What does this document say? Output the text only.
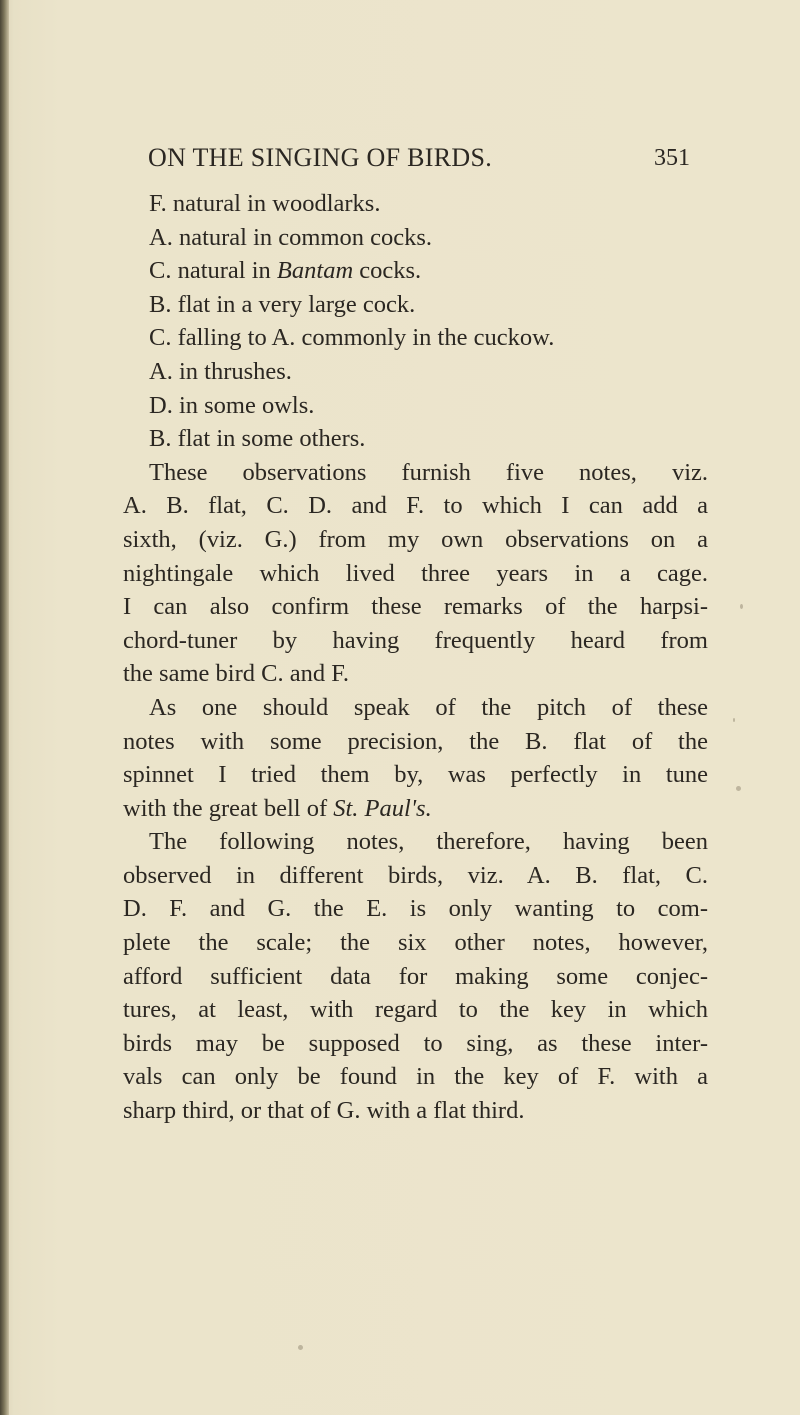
ON THE SINGING OF BIRDS.	351
F. natural in woodlarks.
A. natural in common cocks.
C. natural in Bantam cocks.
B. flat in a very large cock.
C. falling to A. commonly in the cuckow.
A. in thrushes.
D. in some owls.
B. flat in some others.
These observations furnish five notes, viz.
A. B. flat, C. D. and F. to which I can add a
sixth, (viz. G.) from my own observations on a
nightingale which lived three years in a cage.
I can also confirm these remarks of the harpsi-
chord-tuner by having frequently heard from
the same bird C. and F.
As one should speak of the pitch of these
notes with some precision, the B. flat of the
spinnet I tried them by, was perfectly in tune
with the great bell of St. Paul's.
The following notes, therefore, having been
observed in different birds, viz. A. B. flat, C.
D. F. and G. the E. is only wanting to com-
plete the scale; the six other notes, however,
afford sufficient data for making some conjec-
tures, at least, with regard to the key in which
birds may be supposed to sing, as these inter-
vals can only be found in the key of F. with a
sharp third, or that of G. with a flat third.
